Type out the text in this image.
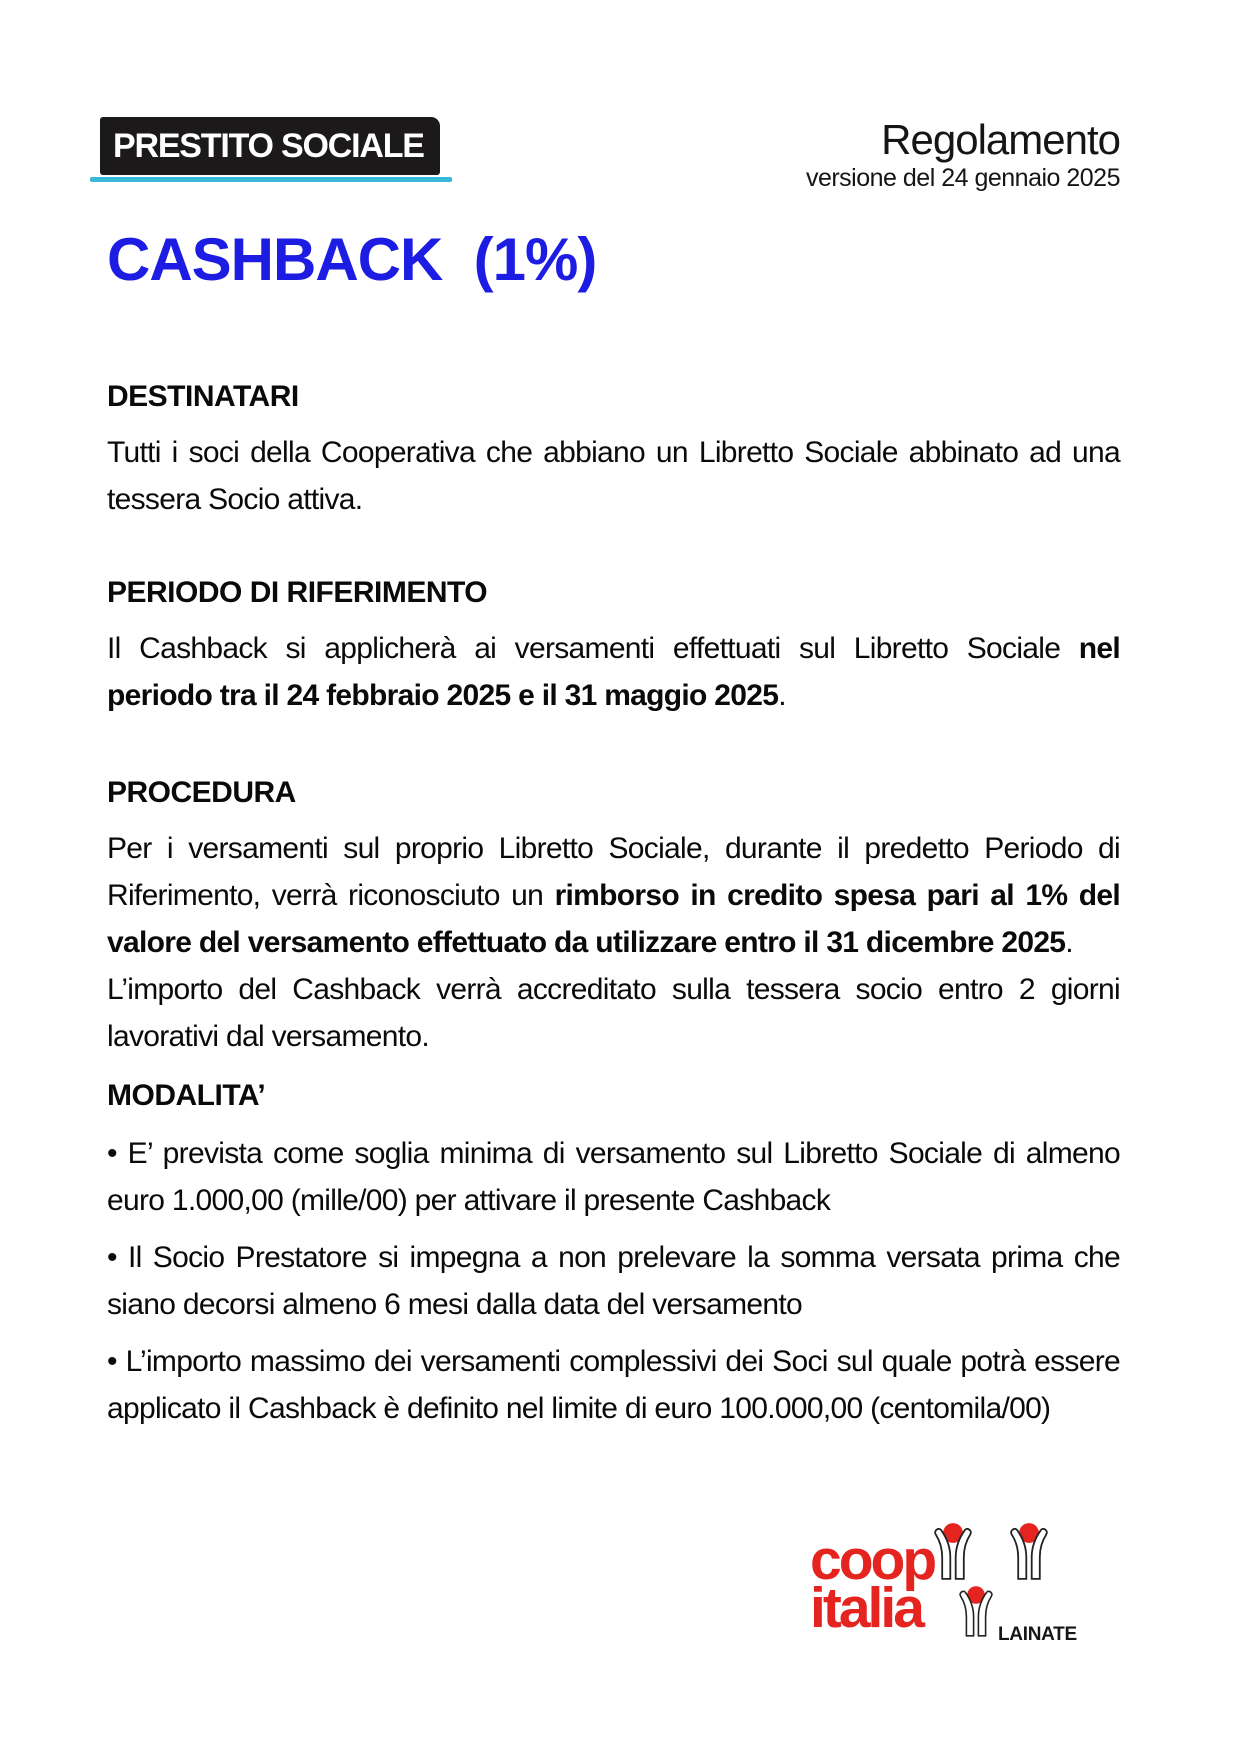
PRESTITO SOCIALE	Regolamento
versione del 24 gennaio 2025
CASHBACK  (1%)
DESTINATARI

Tutti i soci della Cooperativa che abbiano un Libretto Sociale abbinato ad una tessera Socio attiva.

PERIODO DI RIFERIMENTO

Il Cashback si applicherà ai versamenti effettuati sul Libretto Sociale nel periodo tra il 24 febbraio 2025 e il 31 maggio 2025.

PROCEDURA

Per i versamenti sul proprio Libretto Sociale, durante il predetto Periodo di Riferimento, verrà riconosciuto un rimborso in credito spesa pari al 1% del valore del versamento effettuato da utilizzare entro il 31 dicembre 2025.

L’importo del Cashback verrà accreditato sulla tessera socio entro 2 giorni lavorativi dal versamento.

MODALITA’

• E’ prevista come soglia minima di versamento sul Libretto Sociale di almeno euro 1.000,00 (mille/00) per attivare il presente Cashback

• Il Socio Prestatore si impegna a non prelevare la somma versata prima che siano decorsi almeno 6 mesi dalla data del versamento

• L’importo massimo dei versamenti complessivi dei Soci sul quale potrà essere applicato il Cashback è definito nel limite di euro 100.000,00 (centomila/00)

coop
italia	LAINATE
